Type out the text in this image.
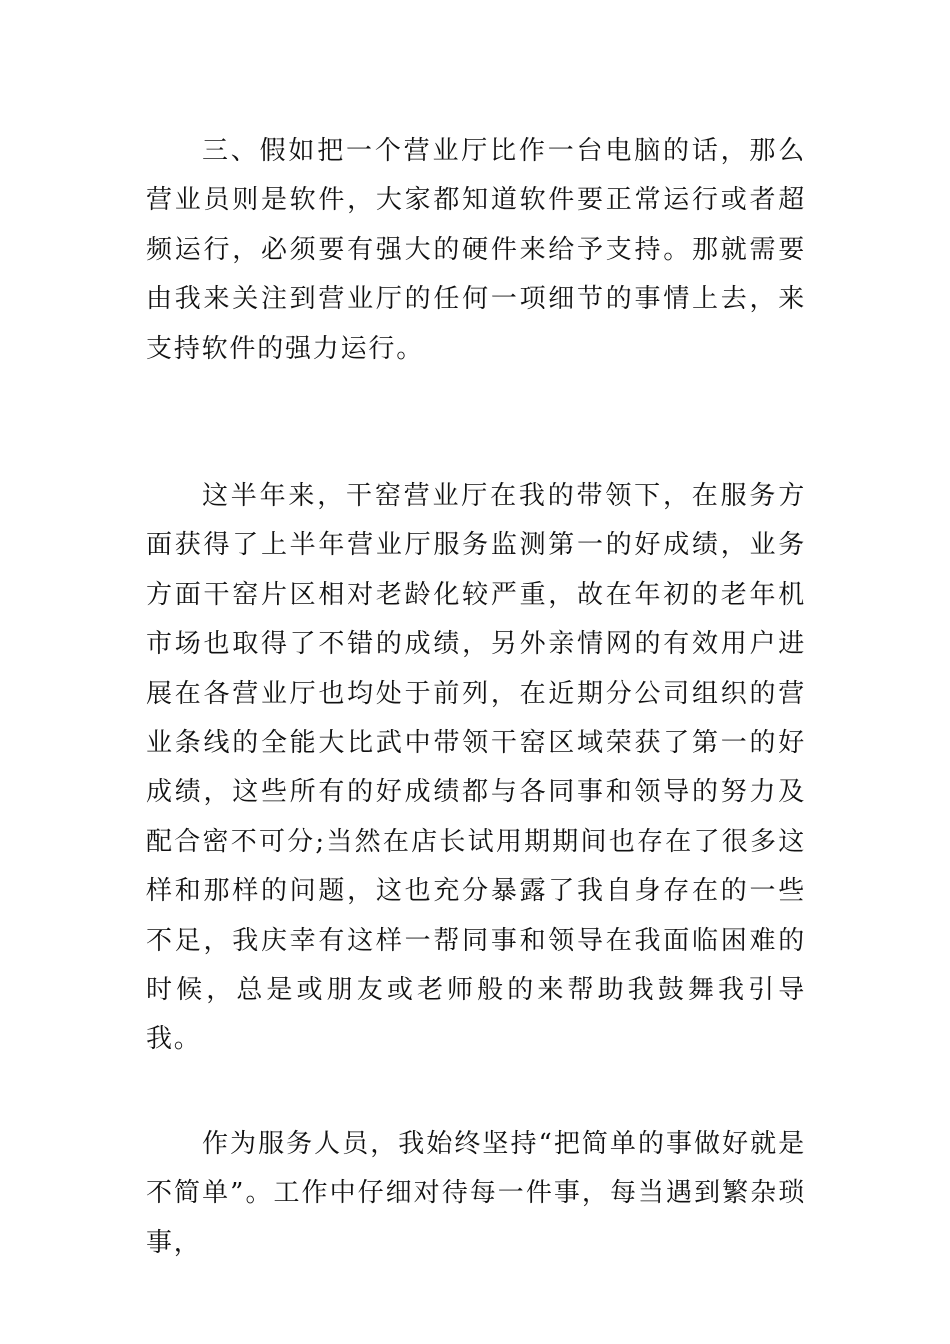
三、假如把一个营业厅比作一台电脑的话，那么营业员则是软件，大家都知道软件要正常运行或者超频运行，必须要有强大的硬件来给予支持。那就需要由我来关注到营业厅的任何一项细节的事情上去，来支持软件的强力运行。

这半年来，干窑营业厅在我的带领下，在服务方面获得了上半年营业厅服务监测第一的好成绩，业务方面干窑片区相对老龄化较严重，故在年初的老年机市场也取得了不错的成绩，另外亲情网的有效用户进展在各营业厅也均处于前列，在近期分公司组织的营业条线的全能大比武中带领干窑区域荣获了第一的好成绩，这些所有的好成绩都与各同事和领导的努力及配合密不可分;当然在店长试用期期间也存在了很多这样和那样的问题，这也充分暴露了我自身存在的一些不足，我庆幸有这样一帮同事和领导在我面临困难的时候，总是或朋友或老师般的来帮助我鼓舞我引导我。

作为服务人员，我始终坚持“把简单的事做好就是不简单”。工作中仔细对待每一件事，每当遇到繁杂琐事，
